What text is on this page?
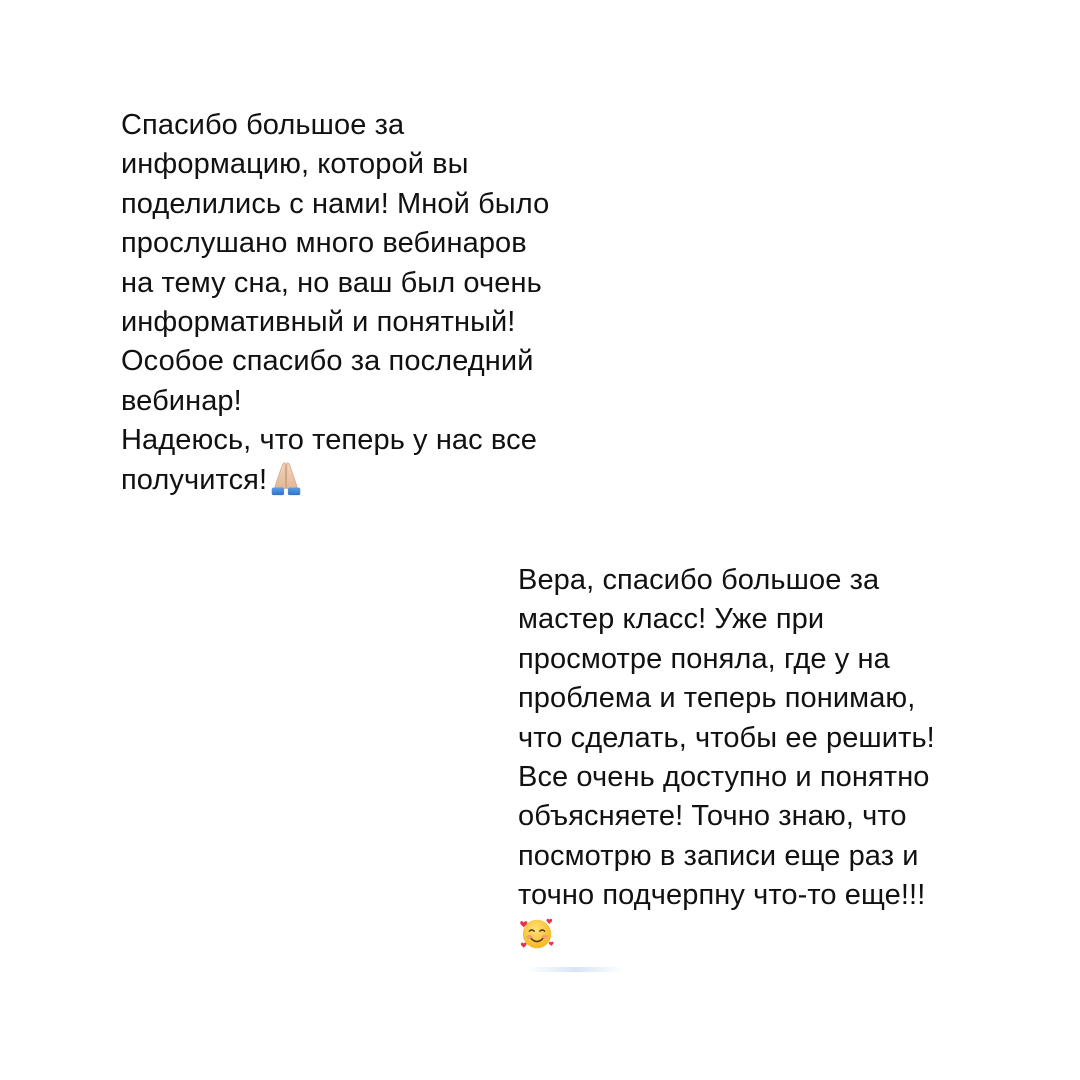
Спасибо большое за
информацию, которой вы
поделились с нами! Мной было
прослушано много вебинаров
на тему сна, но ваш был очень
информативный и понятный!
Особое спасибо за последний
вебинар!
Надеюсь, что теперь у нас все
получится!
Вера, спасибо большое за
мастер класс! Уже при
просмотре поняла, где у на
проблема и теперь понимаю,
что сделать, чтобы ее решить!
Все очень доступно и понятно
объясняете! Точно знаю, что
посмотрю в записи еще раз и
точно подчерпну что-то еще!!!
